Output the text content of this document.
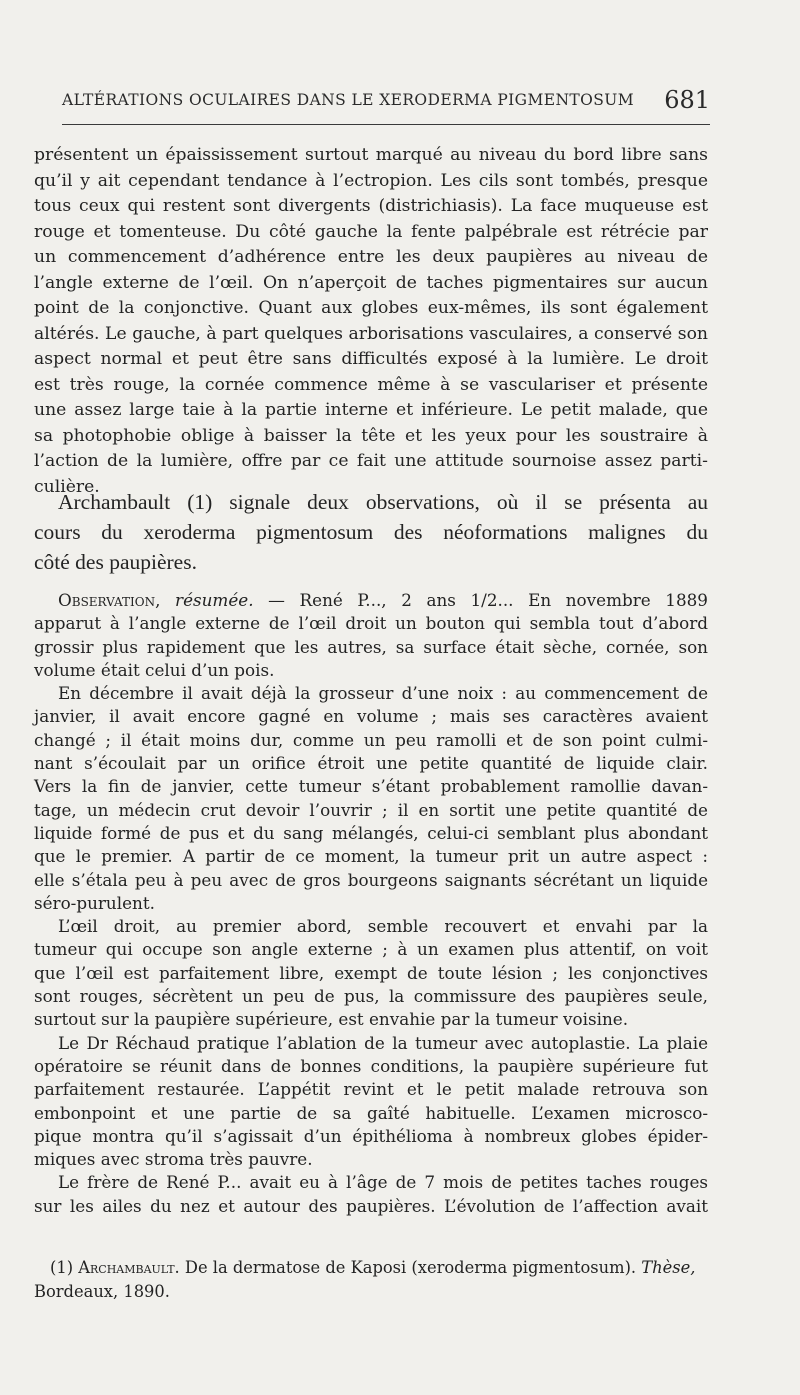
ALTÉRATIONS OCULAIRES DANS LE XERODERMA PIGMENTOSUM 681
présentent un épaississement surtout marqué au niveau du bord libre sans
qu’il y ait cependant tendance à l’ectropion. Les cils sont tombés, presque
tous ceux qui restent sont divergents (districhiasis). La face muqueuse est
rouge et tomenteuse. Du côté gauche la fente palpébrale est rétrécie par
un commencement d’adhérence entre les deux paupières au niveau de
l’angle externe de l’œil. On n’aperçoit de taches pigmentaires sur aucun
point de la conjonctive. Quant aux globes eux-mêmes, ils sont également
altérés. Le gauche, à part quelques arborisations vasculaires, a conservé son
aspect normal et peut être sans difficultés exposé à la lumière. Le droit
est très rouge, la cornée commence même à se vasculariser et présente
une assez large taie à la partie interne et inférieure. Le petit malade, que
sa photophobie oblige à baisser la tête et les yeux pour les soustraire à
l’action de la lumière, offre par ce fait une attitude sournoise assez parti-
culière.
Archambault (1) signale deux observations, où il se présenta au
cours du xeroderma pigmentosum des néoformations malignes du
côté des paupières.
Observation, résumée. — René P..., 2 ans 1/2... En novembre 1889
apparut à l’angle externe de l’œil droit un bouton qui sembla tout d’abord
grossir plus rapidement que les autres, sa surface était sèche, cornée, son
volume était celui d’un pois.
En décembre il avait déjà la grosseur d’une noix : au commencement de
janvier, il avait encore gagné en volume ; mais ses caractères avaient
changé ; il était moins dur, comme un peu ramolli et de son point culmi-
nant s’écoulait par un orifice étroit une petite quantité de liquide clair.
Vers la fin de janvier, cette tumeur s’étant probablement ramollie davan-
tage, un médecin crut devoir l’ouvrir ; il en sortit une petite quantité de
liquide formé de pus et du sang mélangés, celui-ci semblant plus abondant
que le premier. A partir de ce moment, la tumeur prit un autre aspect :
elle s’étala peu à peu avec de gros bourgeons saignants sécrétant un liquide
séro-purulent.
L’œil droit, au premier abord, semble recouvert et envahi par la
tumeur qui occupe son angle externe ; à un examen plus attentif, on voit
que l’œil est parfaitement libre, exempt de toute lésion ; les conjonctives
sont rouges, sécrètent un peu de pus, la commissure des paupières seule,
surtout sur la paupière supérieure, est envahie par la tumeur voisine.
Le Dr Réchaud pratique l’ablation de la tumeur avec autoplastie. La plaie
opératoire se réunit dans de bonnes conditions, la paupière supérieure fut
parfaitement restaurée. L’appétit revint et le petit malade retrouva son
embonpoint et une partie de sa gaîté habituelle. L’examen microsco-
pique montra qu’il s’agissait d’un épithélioma à nombreux globes épider-
miques avec stroma très pauvre.
Le frère de René P... avait eu à l’âge de 7 mois de petites taches rouges
sur les ailes du nez et autour des paupières. L’évolution de l’affection avait
(1) Archambault. De la dermatose de Kaposi (xeroderma pigmentosum). Thèse,
Bordeaux, 1890.
